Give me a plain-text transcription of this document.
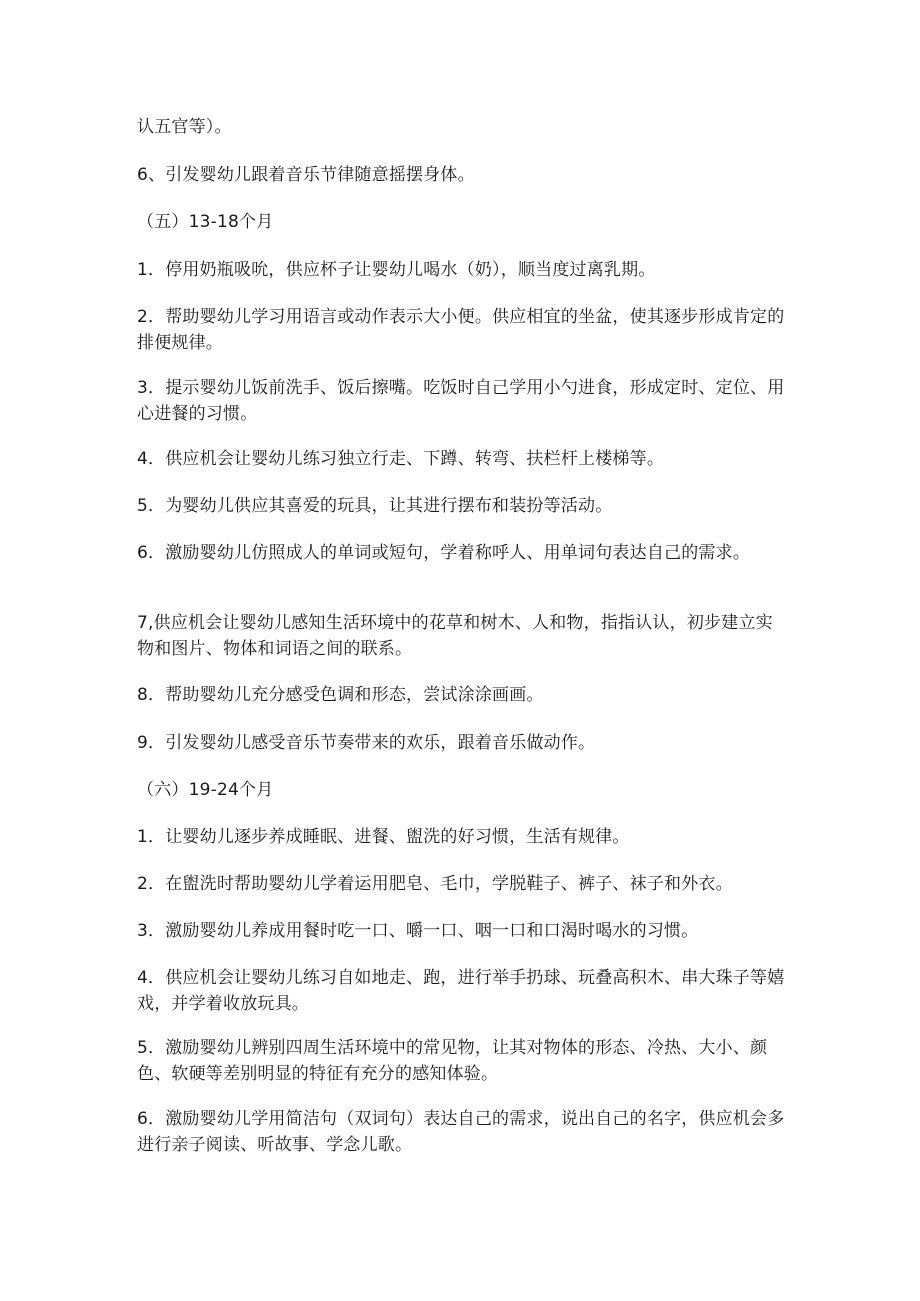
认五官等）。

6、引发婴幼儿跟着音乐节律随意摇摆身体。

（五）13-18个月

1．停用奶瓶吸吮，供应杯子让婴幼儿喝水（奶），顺当度过离乳期。

2．帮助婴幼儿学习用语言或动作表示大小便。供应相宜的坐盆，使其逐步形成肯定的排便规律。

3．提示婴幼儿饭前洗手、饭后擦嘴。吃饭时自己学用小勺进食，形成定时、定位、用心进餐的习惯。

4．供应机会让婴幼儿练习独立行走、下蹲、转弯、扶栏杆上楼梯等。

5．为婴幼儿供应其喜爱的玩具，让其进行摆布和装扮等活动。

6．激励婴幼儿仿照成人的单词或短句，学着称呼人、用单词句表达自己的需求。

7,供应机会让婴幼儿感知生活环境中的花草和树木、人和物，指指认认，初步建立实物和图片、物体和词语之间的联系。

8．帮助婴幼儿充分感受色调和形态，尝试涂涂画画。

9．引发婴幼儿感受音乐节奏带来的欢乐，跟着音乐做动作。

（六）19-24个月

1．让婴幼儿逐步养成睡眠、进餐、盥洗的好习惯，生活有规律。

2．在盥洗时帮助婴幼儿学着运用肥皂、毛巾，学脱鞋子、裤子、袜子和外衣。

3．激励婴幼儿养成用餐时吃一口、嚼一口、咽一口和口渴时喝水的习惯。

4．供应机会让婴幼儿练习自如地走、跑，进行举手扔球、玩叠高积木、串大珠子等嬉戏，并学着收放玩具。

5．激励婴幼儿辨别四周生活环境中的常见物，让其对物体的形态、冷热、大小、颜色、软硬等差别明显的特征有充分的感知体验。

6．激励婴幼儿学用简洁句（双词句）表达自己的需求，说出自己的名字，供应机会多进行亲子阅读、听故事、学念儿歌。
